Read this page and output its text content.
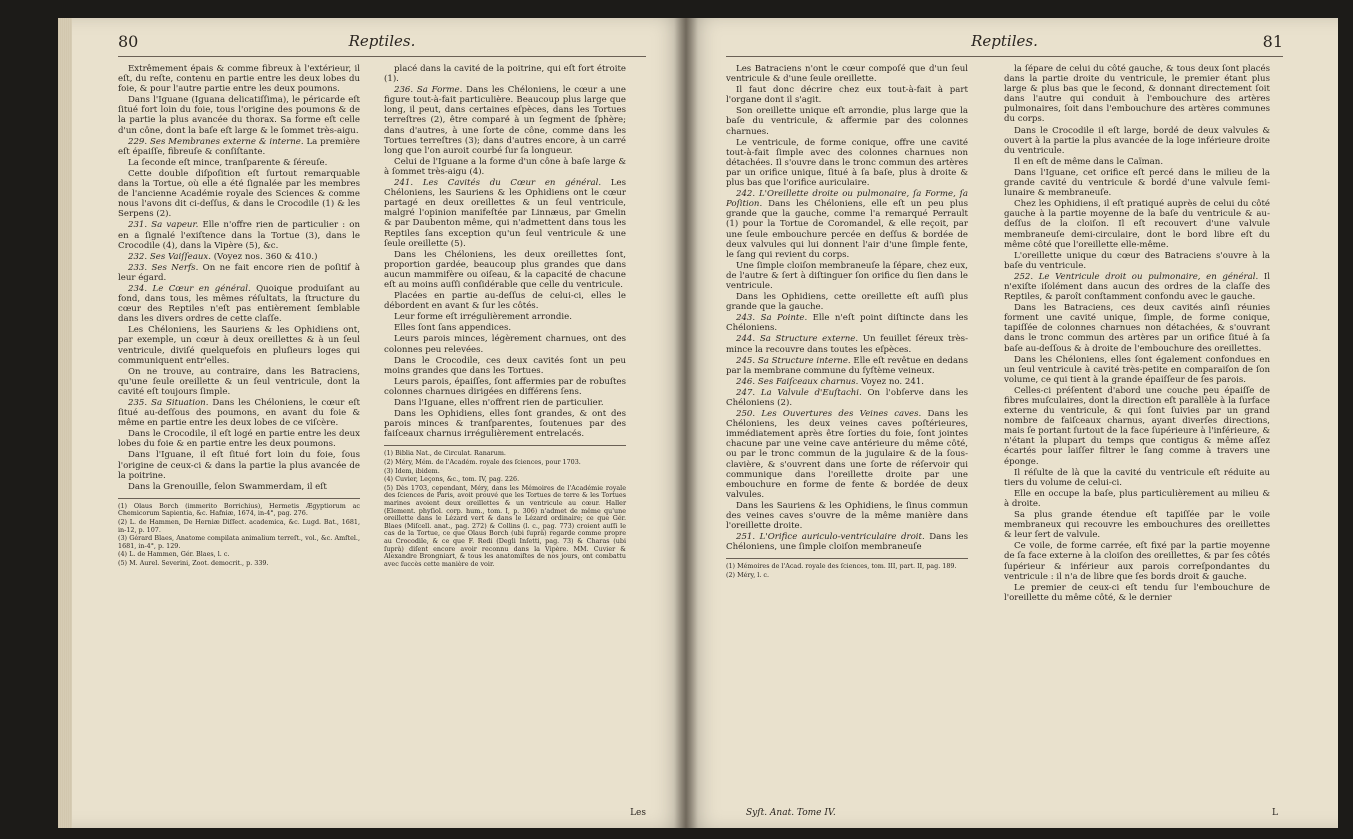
80	Reptiles.

Extrêmement épais & comme fibreux à l'extérieur, il eſt, du reſte, contenu en partie entre les deux lobes du foie, & pour l'autre partie entre les deux poumons.

Dans l'Iguane (Iguana delicatiſſima), le péricarde eſt ſitué fort loin du foie, tous l'origine des poumons & de la partie la plus avancée du thorax. Sa forme eſt celle d'un cône, dont la baſe eſt large & le ſommet très-aigu.

229. Ses Membranes externe & interne. La première eſt épaiſſe, fibreuſe & conſiſtante.

La ſeconde eſt mince, tranſparente & ſéreuſe.

Cette double diſpoſition eſt ſurtout remarquable dans la Tortue, où elle a été ſignalée par les membres de l'ancienne Académie royale des Sciences & comme nous l'avons dit ci-deſſus, & dans le Crocodile (1) & les Serpens (2).

231. Sa vapeur. Elle n'offre rien de particulier : on en a ſignalé l'exiſtence dans la Tortue (3), dans le Crocodile (4), dans la Vipère (5), &c.

232. Ses Vaiſſeaux. (Voyez nos. 360 & 410.)

233. Ses Nerfs. On ne fait encore rien de poſitif à leur égard.

234. Le Cœur en général. Quoique produiſant au fond, dans tous, les mêmes réſultats, la ſtructure du cœur des Reptiles n'eſt pas entièrement ſemblable dans les divers ordres de cette claſſe.

Les Chéloniens, les Sauriens & les Ophidiens ont, par exemple, un cœur à deux oreillettes & à un ſeul ventricule, diviſé quelquefois en pluſieurs loges qui communiquent entr'elles.

On ne trouve, au contraire, dans les Batraciens, qu'une ſeule oreillette & un ſeul ventricule, dont la cavité eſt toujours ſimple.

235. Sa Situation. Dans les Chéloniens, le cœur eſt ſitué au-deſſous des poumons, en avant du foie & même en partie entre les deux lobes de ce viſcère.

Dans le Crocodile, il eſt logé en partie entre les deux lobes du foie & en partie entre les deux poumons.

Dans l'Iguane, il eſt ſitué fort loin du foie, ſous l'origine de ceux-ci & dans la partie la plus avancée de la poitrine.

Dans la Grenouille, ſelon Swammerdam, il eſt

(1) Olaus Borch (immerito Borrichius), Hermetis Ægyptiorum ac Chemicorum Sapientia, &c. Hafniæ, 1674, in-4°, pag. 276.
(2) L. de Hammen, De Herniæ Diſſect. academica, &c. Lugd. Bat., 1681, in-12, p. 107.
(3) Gérard Blaes, Anatome compilata animalium terreſt., vol., &c. Amſtel., 1681, in-4°, p. 129.
(4) L. de Hammen, Gér. Blaes, l. c.
(5) M. Aurel. Severini, Zoot. democrit., p. 339.

placé dans la cavité de la poitrine, qui eſt fort étroite (1).

236. Sa Forme. Dans les Chéloniens, le cœur a une figure tout-à-fait particulière. Beaucoup plus large que long, il peut, dans certaines eſpèces, dans les Tortues terreſtres (2), être comparé à un ſegment de ſphère; dans d'autres, à une ſorte de cône, comme dans les Tortues terreſtres (3); dans d'autres encore, à un carré long que l'on auroit courbé ſur ſa longueur.

Celui de l'Iguane a la forme d'un cône à baſe large & à ſommet très-aigu (4).

241. Les Cavités du Cœur en général. Les Chéloniens, les Sauriens & les Ophidiens ont le cœur partagé en deux oreillettes & un ſeul ventricule, malgré l'opinion manifeſtée par Linnæus, par Gmelin & par Daubenton même, qui n'admettent dans tous les Reptiles ſans exception qu'un ſeul ventricule & une ſeule oreillette (5).

Dans les Chéloniens, les deux oreillettes ſont, proportion gardée, beaucoup plus grandes que dans aucun mammifère ou oiſeau, & la capacité de chacune eſt au moins auſſi conſidérable que celle du ventricule.

Placées en partie au-deſſus de celui-ci, elles le débordent en avant & ſur les côtés.

Leur forme eſt irrégulièrement arrondie.

Elles ſont ſans appendices.

Leurs parois minces, légèrement charnues, ont des colonnes peu relevées.

Dans le Crocodile, ces deux cavités ſont un peu moins grandes que dans les Tortues.

Leurs parois, épaiſſes, ſont affermies par de robuſtes colonnes charnues dirigées en différens ſens.

Dans l'Iguane, elles n'offrent rien de particulier.

Dans les Ophidiens, elles ſont grandes, & ont des parois minces & tranſparentes, ſoutenues par des faiſceaux charnus irrégulièrement entrelacés.

(1) Biblia Nat., de Circulat. Ranarum.
(2) Méry, Mém. de l'Académ. royale des ſciences, pour 1703.
(3) Idem, ibidem.
(4) Cuvier, Leçons, &c., tom. IV, pag. 226.
(5) Dès 1703, cependant, Méry, dans les Mémoires de l'Académie royale des ſciences de Paris, avoit prouvé que les Tortues de terre & les Tortues marines avoient deux oreillettes & un ventricule au cœur. Haller (Element. phyſiol. corp. hum., tom. I, p. 306) n'admet de même qu'une oreillette dans le Lézard vert & dans le Lézard ordinaire; ce que Gér. Blaes (Miſcell. anat., pag. 272) & Collins (l. c., pag. 773) croient auſſi le cas de la Tortue, ce que Olaus Borch (ubi ſuprà) regarde comme propre au Crocodile, & ce que F. Redi (Degli Inſetti, pag. 73) & Charas (ubi ſuprà) diſent encore avoir reconnu dans la Vipère. MM. Cuvier & Alexandre Brongniart, & tous les anatomiſtes de nos jours, ont combattu avec ſuccès cette manière de voir.
Les
Reptiles.	81

Les Batraciens n'ont le cœur compoſé que d'un ſeul ventricule & d'une ſeule oreillette.

Il faut donc décrire chez eux tout-à-fait à part l'organe dont il s'agit.

Son oreillette unique eſt arrondie, plus large que la baſe du ventricule, & affermie par des colonnes charnues.

Le ventricule, de forme conique, offre une cavité tout-à-fait ſimple avec des colonnes charnues non détachées. Il s'ouvre dans le tronc commun des artères par un orifice unique, ſitué à ſa baſe, plus à droite & plus bas que l'orifice auriculaire.

242. L'Oreillette droite ou pulmonaire, ſa Forme, ſa Poſition. Dans les Chéloniens, elle eſt un peu plus grande que la gauche, comme l'a remarqué Perrault (1) pour la Tortue de Coromandel, & elle reçoit, par une ſeule embouchure percée en deſſus & bordée de deux valvules qui lui donnent l'air d'une ſimple fente, le ſang qui revient du corps.

Une ſimple cloiſon membraneuſe la ſépare, chez eux, de l'autre & ſert à diſtinguer ſon orifice du ſien dans le ventricule.

Dans les Ophidiens, cette oreillette eſt auſſi plus grande que la gauche.

243. Sa Pointe. Elle n'eſt point diſtincte dans les Chéloniens.

244. Sa Structure externe. Un feuillet ſéreux très-mince la recouvre dans toutes les eſpèces.

245. Sa Structure interne. Elle eſt revêtue en dedans par la membrane commune du ſyſtème veineux.

246. Ses Faiſceaux charnus. Voyez no. 241.

247. La Valvule d'Euſtachi. On l'obſerve dans les Chéloniens (2).

250. Les Ouvertures des Veines caves. Dans les Chéloniens, les deux veines caves poſtérieures, immédiatement après être ſorties du foie, ſont jointes chacune par une veine cave antérieure du même côté, ou par le tronc commun de la jugulaire & de la ſous-clavière, & s'ouvrent dans une ſorte de réſervoir qui communique dans l'oreillette droite par une embouchure en forme de fente & bordée de deux valvules.

Dans les Sauriens & les Ophidiens, le ſinus commun des veines caves s'ouvre de la même manière dans l'oreillette droite.

251. L'Orifice auriculo-ventriculaire droit. Dans les Chéloniens, une ſimple cloiſon membraneuſe

(1) Mémoires de l'Acad. royale des ſciences, tom. III, part. II, pag. 189.
(2) Méry, l. c.

la ſépare de celui du côté gauche, & tous deux ſont placés dans la partie droite du ventricule, le premier étant plus large & plus bas que le ſecond, & donnant directement ſoit dans l'autre qui conduit à l'embouchure des artères pulmonaires, ſoit dans l'embouchure des artères communes du corps.

Dans le Crocodile il eſt large, bordé de deux valvules & ouvert à la partie la plus avancée de la loge inférieure droite du ventricule.

Il en eſt de même dans le Caïman.

Dans l'Iguane, cet orifice eſt percé dans le milieu de la grande cavité du ventricule & bordé d'une valvule ſemi-lunaire & membraneuſe.

Chez les Ophidiens, il eſt pratiqué auprès de celui du côté gauche à la partie moyenne de la baſe du ventricule & au-deſſus de la cloiſon. Il eſt recouvert d'une valvule membraneuſe demi-circulaire, dont le bord libre eſt du même côté que l'oreillette elle-même.

L'oreillette unique du cœur des Batraciens s'ouvre à la baſe du ventricule.

252. Le Ventricule droit ou pulmonaire, en général. Il n'exiſte iſolément dans aucun des ordres de la claſſe des Reptiles, & paroît conſtamment confondu avec le gauche.

Dans les Batraciens, ces deux cavités ainſi réunies forment une cavité unique, ſimple, de forme conique, tapiſſée de colonnes charnues non détachées, & s'ouvrant dans le tronc commun des artères par un orifice ſitué à ſa baſe au-deſſous & à droite de l'embouchure des oreillettes.

Dans les Chéloniens, elles ſont également confondues en un ſeul ventricule à cavité très-petite en comparaiſon de ſon volume, ce qui tient à la grande épaiſſeur de ſes parois.

Celles-ci préſentent d'abord une couche peu épaiſſe de fibres muſculaires, dont la direction eſt parallèle à la ſurface externe du ventricule, & qui ſont ſuivies par un grand nombre de faiſceaux charnus, ayant diverſes directions, mais ſe portant ſurtout de la face ſupérieure à l'inférieure, & n'étant la plupart du temps que contigus & même aſſez écartés pour laiſſer filtrer le ſang comme à travers une éponge.

Il réſulte de là que la cavité du ventricule eſt réduite au tiers du volume de celui-ci.

Elle en occupe la baſe, plus particulièrement au milieu & à droite.

Sa plus grande étendue eſt tapiſſée par le voile membraneux qui recouvre les embouchures des oreillettes & leur ſert de valvule.

Ce voile, de forme carrée, eſt fixé par la partie moyenne de ſa face externe à la cloiſon des oreillettes, & par ſes côtés ſupérieur & inférieur aux parois correſpondantes du ventricule : il n'a de libre que ſes bords droit & gauche.

Le premier de ceux-ci eſt tendu ſur l'embouchure de l'oreillette du même côté, & le dernier

Syſt. Anat. Tome IV.	L
